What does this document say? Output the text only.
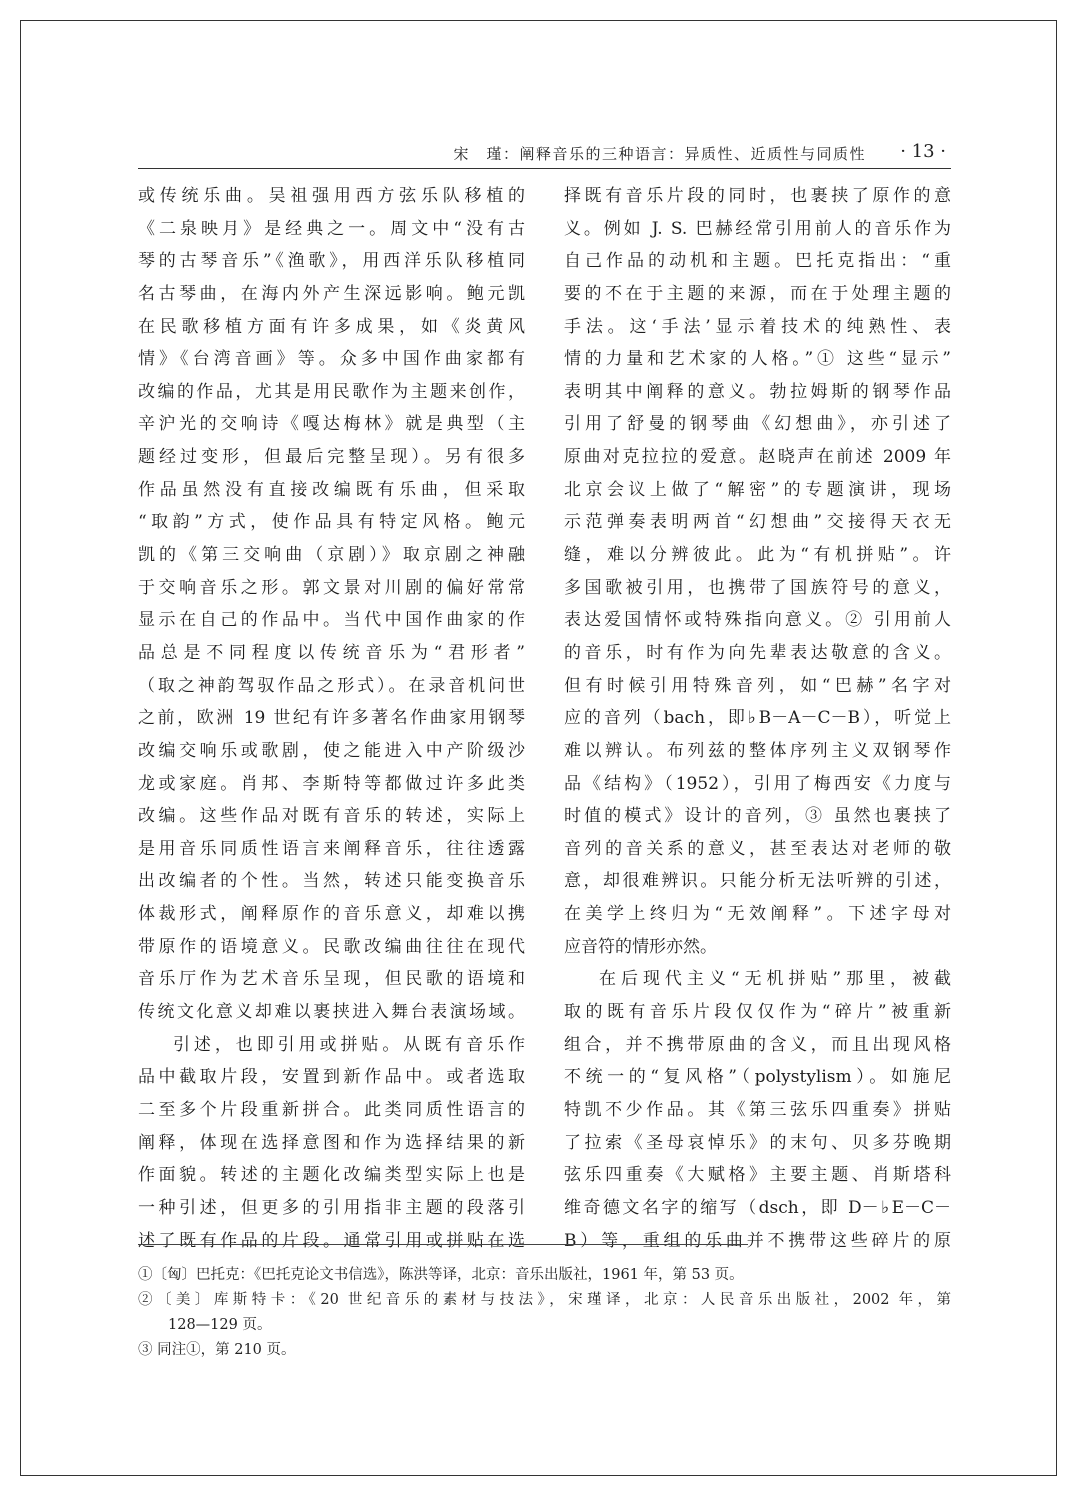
宋　瑾：阐释音乐的三种语言：异质性、近质性与同质性 · 13 ·
或传统乐曲。吴祖强用西方弦乐队移植的
《二泉映月》是经典之一。周文中“没有古
琴的古琴音乐”《渔歌》，用西洋乐队移植同
名古琴曲，在海内外产生深远影响。鲍元凯
在民歌移植方面有许多成果，如《炎黄风
情》《台湾音画》等。众多中国作曲家都有
改编的作品，尤其是用民歌作为主题来创作，
辛沪光的交响诗《嘎达梅林》就是典型（主
题经过变形，但最后完整呈现）。另有很多
作品虽然没有直接改编既有乐曲，但采取
“取韵”方式，使作品具有特定风格。鲍元
凯的《第三交响曲（京剧）》取京剧之神融
于交响音乐之形。郭文景对川剧的偏好常常
显示在自己的作品中。当代中国作曲家的作
品总是不同程度以传统音乐为“君形者”
（取之神韵驾驭作品之形式）。在录音机问世
之前，欧洲 19 世纪有许多著名作曲家用钢琴
改编交响乐或歌剧，使之能进入中产阶级沙
龙或家庭。肖邦、李斯特等都做过许多此类
改编。这些作品对既有音乐的转述，实际上
是用音乐同质性语言来阐释音乐，往往透露
出改编者的个性。当然，转述只能变换音乐
体裁形式，阐释原作的音乐意义，却难以携
带原作的语境意义。民歌改编曲往往在现代
音乐厅作为艺术音乐呈现，但民歌的语境和
传统文化意义却难以裹挟进入舞台表演场域。
引述，也即引用或拼贴。从既有音乐作
品中截取片段，安置到新作品中。或者选取
二至多个片段重新拼合。此类同质性语言的
阐释，体现在选择意图和作为选择结果的新
作面貌。转述的主题化改编类型实际上也是
一种引述，但更多的引用指非主题的段落引
述了既有作品的片段。通常引用或拼贴在选
择既有音乐片段的同时，也裹挟了原作的意
义。例如 J. S. 巴赫经常引用前人的音乐作为
自己作品的动机和主题。巴托克指出：“重
要的不在于主题的来源，而在于处理主题的
手法。这‘手法’显示着技术的纯熟性、表
情的力量和艺术家的人格。”① 这些“显示”
表明其中阐释的意义。勃拉姆斯的钢琴作品
引用了舒曼的钢琴曲《幻想曲》，亦引述了
原曲对克拉拉的爱意。赵晓声在前述 2009 年
北京会议上做了“解密”的专题演讲，现场
示范弹奏表明两首“幻想曲”交接得天衣无
缝，难以分辨彼此。此为“有机拼贴”。许
多国歌被引用，也携带了国族符号的意义，
表达爱国情怀或特殊指向意义。② 引用前人
的音乐，时有作为向先辈表达敬意的含义。
但有时候引用特殊音列，如“巴赫”名字对
应的音列（bach，即♭B－A－C－B），听觉上
难以辨认。布列兹的整体序列主义双钢琴作
品《结构》（1952），引用了梅西安《力度与
时值的模式》设计的音列，③ 虽然也裹挟了
音列的音关系的意义，甚至表达对老师的敬
意，却很难辨识。只能分析无法听辨的引述，
在美学上终归为“无效阐释”。下述字母对
应音符的情形亦然。
在后现代主义“无机拼贴”那里，被截
取的既有音乐片段仅仅作为“碎片”被重新
组合，并不携带原曲的含义，而且出现风格
不统一的“复风格”（polystylism）。如施尼
特凯不少作品。其《第三弦乐四重奏》拼贴
了拉索《圣母哀悼乐》的末句、贝多芬晚期
弦乐四重奏《大赋格》主要主题、肖斯塔科
维奇德文名字的缩写（dsch，即 D－♭E－C－
B）等，重组的乐曲并不携带这些碎片的原
①〔匈〕巴托克：《巴托克论文书信选》，陈洪等译，北京：音乐出版社，1961 年，第 53 页。
②〔美〕库斯特卡：《20 世纪音乐的素材与技法》，宋瑾译，北京：人民音乐出版社，2002 年，第
128—129 页。
③ 同注①，第 210 页。
